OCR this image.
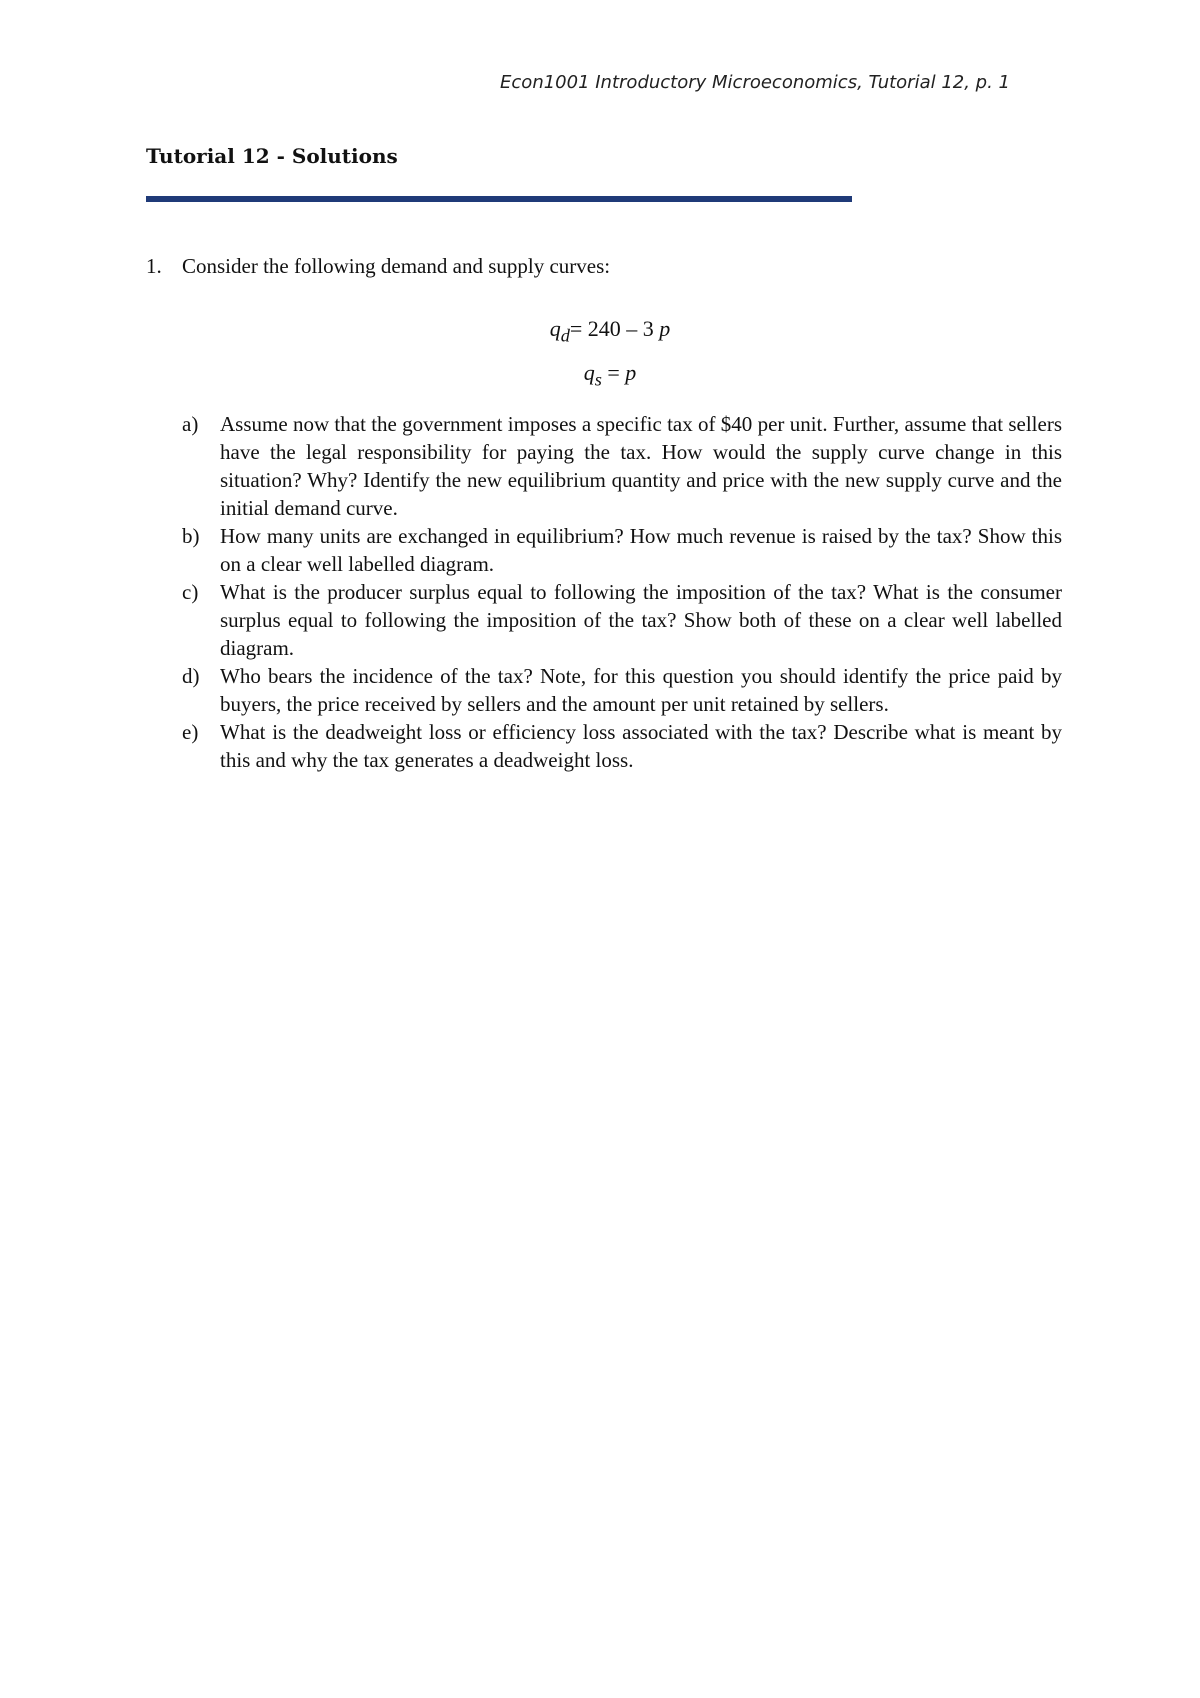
Econ1001 Introductory Microeconomics, Tutorial 12, p. 1
Tutorial 12 - Solutions
1. Consider the following demand and supply curves:
$q_d= 240 - 3$ p
$q_s = p$
a) Assume now that the government imposes a specific tax of $40 per unit. Further, assume that sellers have the legal responsibility for paying the tax. How would the supply curve change in this situation? Why? Identify the new equilibrium quantity and price with the new supply curve and the initial demand curve.
b) How many units are exchanged in equilibrium? How much revenue is raised by the tax? Show this on a clear well labelled diagram.
c) What is the producer surplus equal to following the imposition of the tax? What is the consumer surplus equal to following the imposition of the tax? Show both of these on a clear well labelled diagram.
d) Who bears the incidence of the tax? Note, for this question you should identify the price paid by buyers, the price received by sellers and the amount per unit retained by sellers.
e) What is the deadweight loss or efficiency loss associated with the tax? Describe what is meant by this and why the tax generates a deadweight loss.
